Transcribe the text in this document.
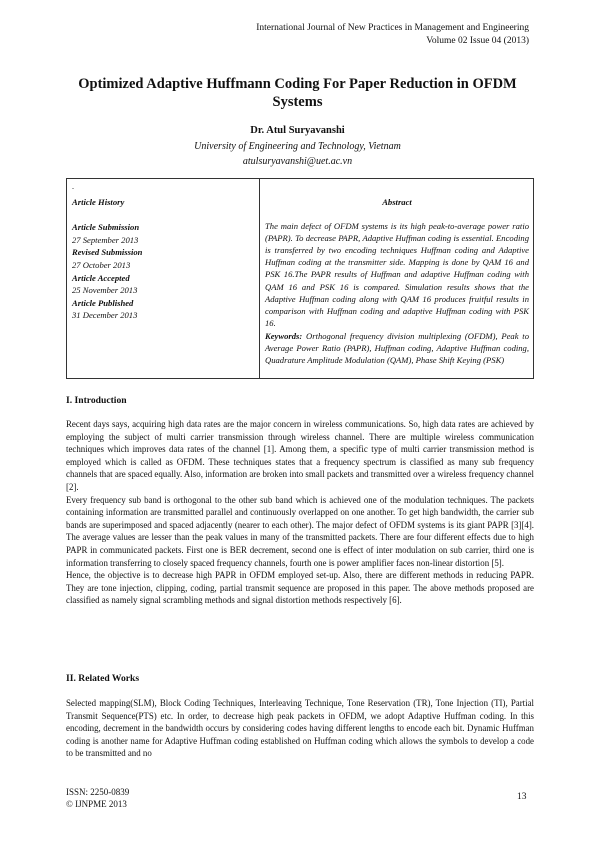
International Journal of New Practices in Management and Engineering
Volume 02 Issue 04 (2013)
Optimized Adaptive Huffmann Coding For Paper Reduction in OFDM Systems
Dr. Atul Suryavanshi
University of Engineering and Technology, Vietnam
atulsuryavanshi@uet.ac.vn
.
Article History
Article Submission
27 September 2013
Revised Submission
27 October 2013
Article Accepted
25 November 2013
Article Published
31 December 2013
Abstract
The main defect of OFDM systems is its high peak-to-average power ratio (PAPR). To decrease PAPR, Adaptive Huffman coding is essential. Encoding is transferred by two encoding techniques Huffman coding and Adaptive Huffman coding at the transmitter side. Mapping is done by QAM 16 and PSK 16.The PAPR results of Huffman and adaptive Huffman coding with QAM 16 and PSK 16 is compared. Simulation results shows that the Adaptive Huffman coding along with QAM 16 produces fruitful results in comparison with Huffman coding and adaptive Huffman coding with PSK 16.
Keywords: Orthogonal frequency division multiplexing (OFDM), Peak to Average Power Ratio (PAPR), Huffman coding, Adaptive Huffman coding, Quadrature Amplitude Modulation (QAM), Phase Shift Keying (PSK)
I. Introduction

Recent days says, acquiring high data rates are the major concern in wireless communications. So, high data rates are achieved by employing the subject of multi carrier transmission through wireless channel. There are multiple wireless communication techniques which improves data rates of the channel [1]. Among them, a specific type of multi carrier transmission method is employed which is called as OFDM. These techniques states that a frequency spectrum is classified as many sub frequency channels that are spaced equally. Also, information are broken into small packets and transmitted over a wireless frequency channel [2].

Every frequency sub band is orthogonal to the other sub band which is achieved one of the modulation techniques. The packets containing information are transmitted parallel and continuously overlapped on one another. To get high bandwidth, the carrier sub bands are superimposed and spaced adjacently (nearer to each other). The major defect of OFDM systems is its giant PAPR [3][4]. The average values are lesser than the peak values in many of the transmitted packets. There are four different effects due to high PAPR in communicated packets. First one is BER decrement, second one is effect of inter modulation on sub carrier, third one is information transferring to closely spaced frequency channels, fourth one is power amplifier faces non-linear distortion [5].

Hence, the objective is to decrease high PAPR in OFDM employed set-up. Also, there are different methods in reducing PAPR. They are tone injection, clipping, coding, partial transmit sequence are proposed in this paper. The above methods proposed are classified as namely signal scrambling methods and signal distortion methods respectively [6].

II. Related Works

Selected mapping(SLM), Block Coding Techniques, Interleaving Technique, Tone Reservation (TR), Tone Injection (TI), Partial Transmit Sequence(PTS) etc. In order, to decrease high peak packets in OFDM, we adopt Adaptive Huffman coding. In this encoding, decrement in the bandwidth occurs by considering codes having different lengths to encode each bit. Dynamic Huffman coding is another name for Adaptive Huffman coding established on Huffman coding which allows the symbols to develop a code to be transmitted and no

ISSN: 2250-0839
© IJNPME 2013
13
